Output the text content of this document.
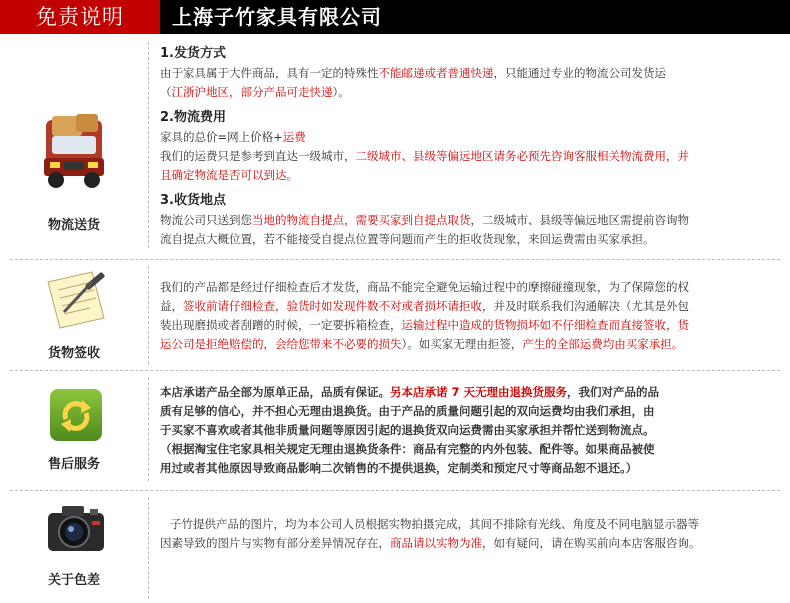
免责说明	上海子竹家具有限公司
物流送货
1.发货方式
由于家具属于大件商品，具有一定的特殊性不能邮递或者普通快递，只能通过专业的物流公司发货运
（江浙沪地区，部分产品可走快递）。
2.物流费用
家具的总价=网上价格+运费
我们的运费只是参考到直达一级城市，二级城市、县级等偏远地区请务必预先咨询客服相关物流费用，并
且确定物流是否可以到达。
3.收货地点
物流公司只送到您当地的物流自提点，需要买家到自提点取货，二级城市、县级等偏远地区需提前咨询物
流自提点大概位置，若不能接受自提点位置等问题而产生的拒收货现象，来回运费需由买家承担。
货物签收
我们的产品都是经过仔细检查后才发货，商品不能完全避免运输过程中的摩擦碰撞现象，为了保障您的权
益，签收前请仔细检查，验货时如发现件数不对或者损坏请拒收，并及时联系我们沟通解决（尤其是外包
装出现磨损或者刮蹭的时候，一定要拆箱检查，运输过程中造成的货物损坏如不仔细检查而直接签收，货
运公司是拒绝赔偿的，会给您带来不必要的损失）。如买家无理由拒签，产生的全部运费均由买家承担。
售后服务
本店承诺产品全部为原单正品，品质有保证。另本店承诺 7 天无理由退换货服务，我们对产品的品
质有足够的信心，并不担心无理由退换货。由于产品的质量问题引起的双向运费均由我们承担，由
于买家不喜欢或者其他非质量问题等原因引起的退换货双向运费需由买家承担并帮忙送到物流点。
（根据淘宝住宅家具相关规定无理由退换货条件：商品有完整的内外包装、配件等。如果商品被使
用过或者其他原因导致商品影响二次销售的不提供退换，定制类和预定尺寸等商品恕不退还。）
关于色差
子竹提供产品的图片，均为本公司人员根据实物拍摄完成，其间不排除有光线、角度及不同电脑显示器等
因素导致的图片与实物有部分差异情况存在，商品请以实物为准，如有疑问，请在购买前向本店客服咨询。
